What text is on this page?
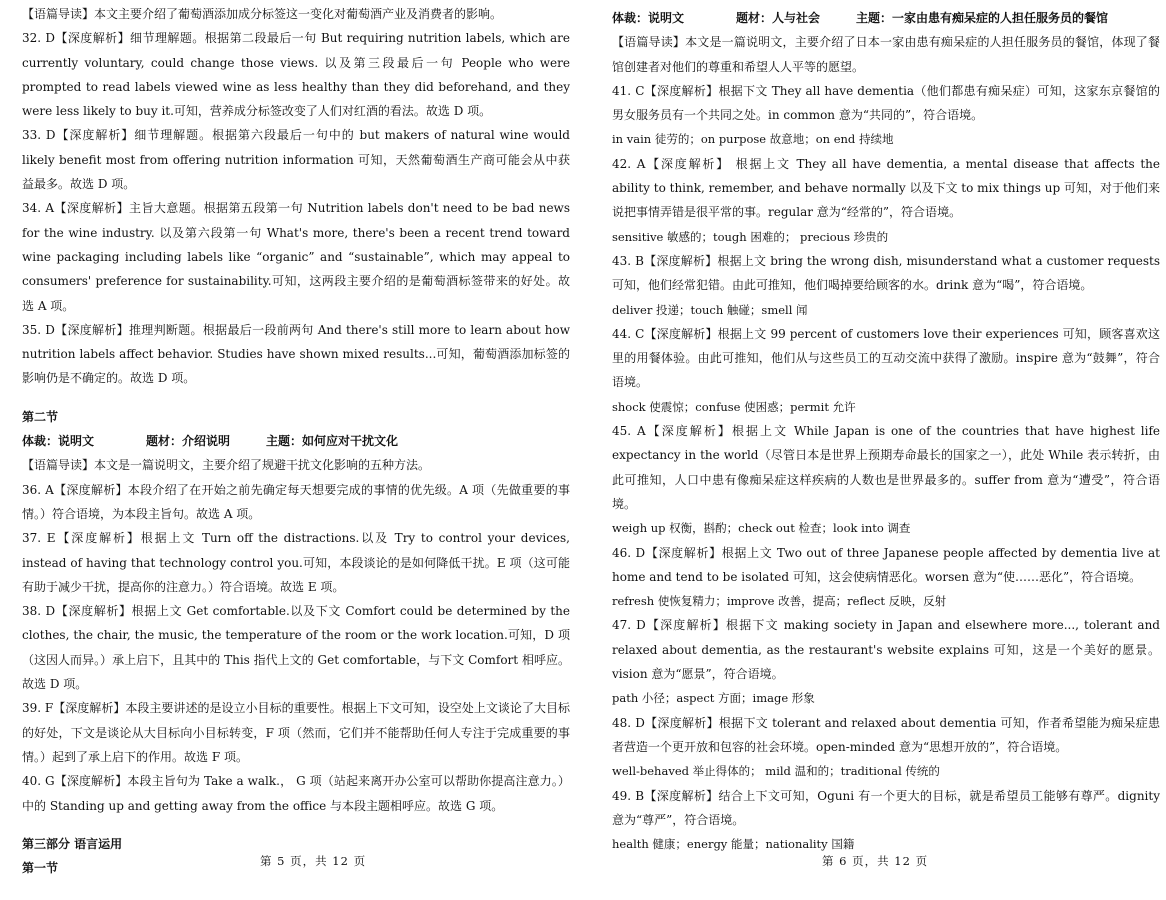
【语篇导读】本文主要介绍了葡萄酒添加成分标签这一变化对葡萄酒产业及消费者的影响。

32. D【深度解析】细节理解题。根据第二段最后一句 But requiring nutrition labels, which are currently voluntary, could change those views. 以及第三段最后一句 People who were prompted to read labels viewed wine as less healthy than they did beforehand, and they were less likely to buy it.可知，营养成分标签改变了人们对红酒的看法。故选 D 项。

33. D【深度解析】细节理解题。根据第六段最后一句中的 but makers of natural wine would likely benefit most from offering nutrition information 可知，天然葡萄酒生产商可能会从中获益最多。故选 D 项。

34. A【深度解析】主旨大意题。根据第五段第一句 Nutrition labels don't need to be bad news for the wine industry. 以及第六段第一句 What's more, there's been a recent trend toward wine packaging including labels like “organic” and “sustainable”, which may appeal to consumers' preference for sustainability.可知，这两段主要介绍的是葡萄酒标签带来的好处。故选 A 项。

35. D【深度解析】推理判断题。根据最后一段前两句 And there's still more to learn about how nutrition labels affect behavior. Studies have shown mixed results...可知，葡萄酒添加标签的影响仍是不确定的。故选 D 项。

第二节

体裁：说明文	题材：介绍说明	主题：如何应对干扰文化

【语篇导读】本文是一篇说明文，主要介绍了规避干扰文化影响的五种方法。

36. A【深度解析】本段介绍了在开始之前先确定每天想要完成的事情的优先级。A 项（先做重要的事情。）符合语境，为本段主旨句。故选 A 项。

37. E【深度解析】根据上文 Turn off the distractions.以及 Try to control your devices, instead of having that technology control you.可知，本段谈论的是如何降低干扰。E 项（这可能有助于减少干扰，提高你的注意力。）符合语境。故选 E 项。

38. D【深度解析】根据上文 Get comfortable.以及下文 Comfort could be determined by the clothes, the chair, the music, the temperature of the room or the work location.可知，D 项（这因人而异。）承上启下，且其中的 This 指代上文的 Get comfortable，与下文 Comfort 相呼应。故选 D 项。

39. F【深度解析】本段主要讲述的是设立小目标的重要性。根据上下文可知，设空处上文谈论了大目标的好处，下文是谈论从大目标向小目标转变，F 项（然而，它们并不能帮助任何人专注于完成重要的事情。）起到了承上启下的作用。故选 F 项。

40. G【深度解析】本段主旨句为 Take a walk.， G 项（站起来离开办公室可以帮助你提高注意力。）中的 Standing up and getting away from the office 与本段主题相呼应。故选 G 项。

第三部分 语言运用

第一节

体裁：说明文	题材：人与社会	主题：一家由患有痴呆症的人担任服务员的餐馆

【语篇导读】本文是一篇说明文，主要介绍了日本一家由患有痴呆症的人担任服务员的餐馆，体现了餐馆创建者对他们的尊重和希望人人平等的愿望。

41. C【深度解析】根据下文 They all have dementia（他们都患有痴呆症）可知，这家东京餐馆的男女服务员有一个共同之处。in common 意为“共同的”，符合语境。

in vain 徒劳的；on purpose 故意地；on end 持续地

42. A【深度解析】 根据上文 They all have dementia, a mental disease that affects the ability to think, remember, and behave normally 以及下文 to mix things up 可知，对于他们来说把事情弄错是很平常的事。regular 意为“经常的”，符合语境。

sensitive 敏感的；tough 困难的； precious 珍贵的

43. B【深度解析】根据上文 bring the wrong dish, misunderstand what a customer requests 可知，他们经常犯错。由此可推知，他们喝掉要给顾客的水。drink 意为“喝”，符合语境。

deliver 投递；touch 触碰；smell 闻

44. C【深度解析】根据上文 99 percent of customers love their experiences 可知，顾客喜欢这里的用餐体验。由此可推知，他们从与这些员工的互动交流中获得了激励。inspire 意为“鼓舞”，符合语境。

shock 使震惊；confuse 使困惑；permit 允许

45. A【深度解析】根据上文 While Japan is one of the countries that have highest life expectancy in the world（尽管日本是世界上预期寿命最长的国家之一），此处 While 表示转折，由此可推知，人口中患有像痴呆症这样疾病的人数也是世界最多的。suffer from 意为“遭受”，符合语境。

weigh up 权衡，斟酌；check out 检查；look into 调查

46. D【深度解析】根据上文 Two out of three Japanese people affected by dementia live at home and tend to be isolated 可知，这会使病情恶化。worsen 意为“使……恶化”，符合语境。

refresh 使恢复精力；improve 改善，提高；reflect 反映，反射

47. D【深度解析】根据下文 making society in Japan and elsewhere more..., tolerant and relaxed about dementia, as the restaurant's website explains 可知，这是一个美好的愿景。vision 意为“愿景”，符合语境。

path 小径；aspect 方面；image 形象

48. D【深度解析】根据下文 tolerant and relaxed about dementia 可知，作者希望能为痴呆症患者营造一个更开放和包容的社会环境。open-minded 意为“思想开放的”，符合语境。

well-behaved 举止得体的； mild 温和的；traditional 传统的

49. B【深度解析】结合上下文可知，Oguni 有一个更大的目标，就是希望员工能够有尊严。dignity 意为“尊严”，符合语境。

health 健康；energy 能量；nationality 国籍

第 5 页，共 12 页	第 6 页，共 12 页
